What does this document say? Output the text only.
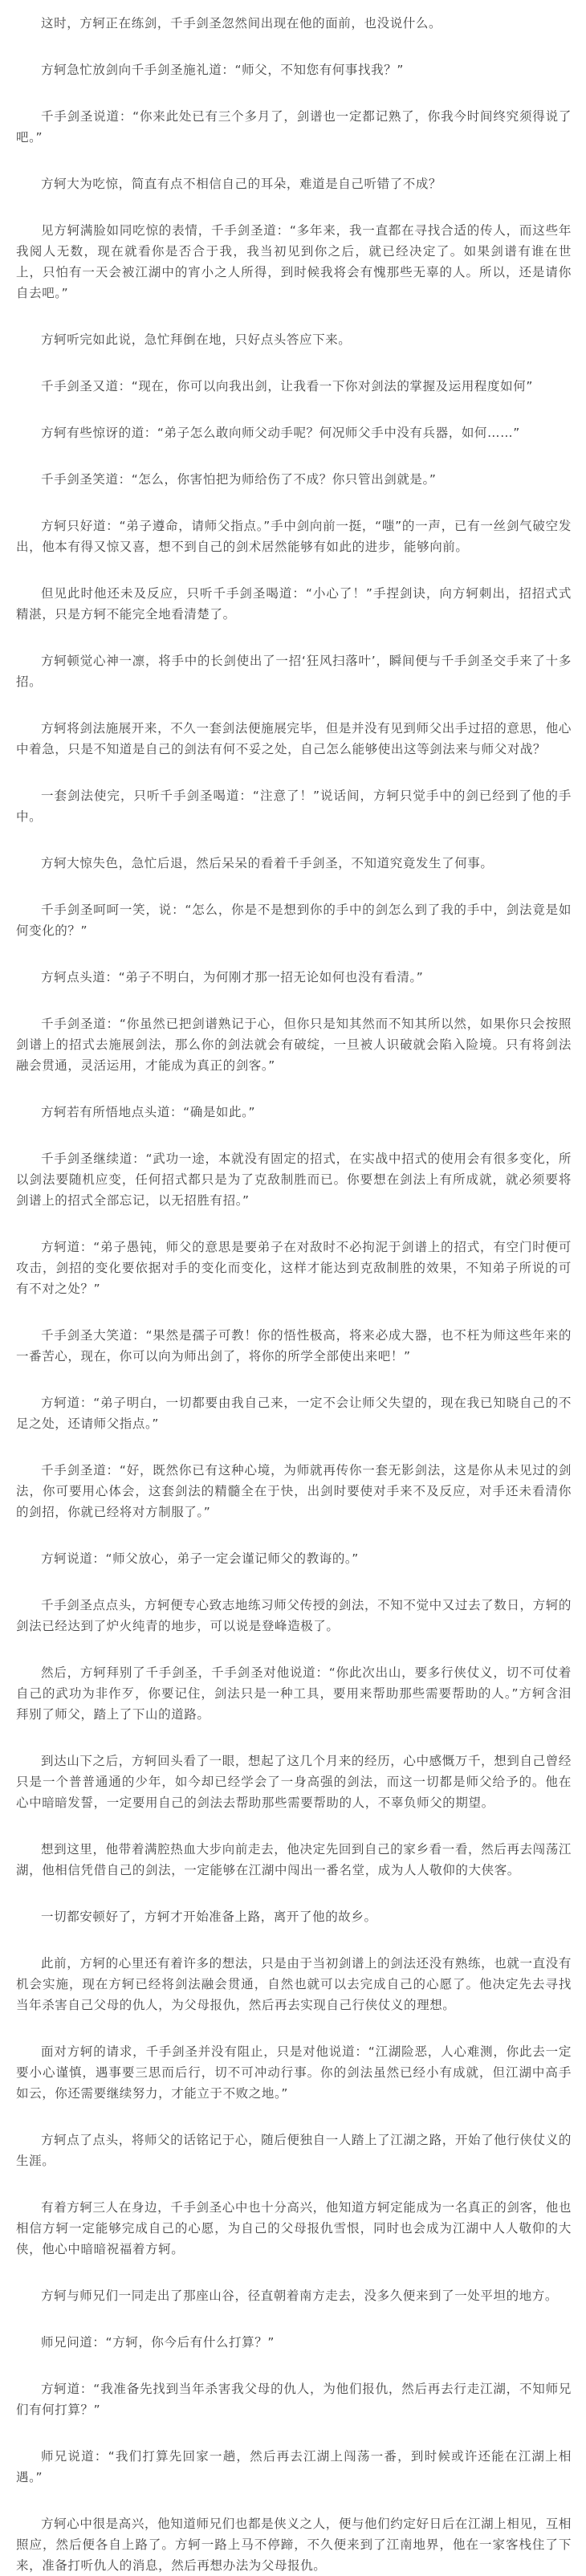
这时，方轲正在练剑，千手剑圣忽然间出现在他的面前，也没说什么。

方轲急忙放剑向千手剑圣施礼道：“师父，不知您有何事找我？”

千手剑圣说道：“你来此处已有三个多月了，剑谱也一定都记熟了，你我今时间终究须得说了吧。”

方轲大为吃惊，简直有点不相信自己的耳朵，难道是自己听错了不成？

见方轲满脸如同吃惊的表情，千手剑圣道：“多年来，我一直都在寻找合适的传人，而这些年我阅人无数，现在就看你是否合于我，我当初见到你之后，就已经决定了。如果剑谱有谁在世上，只怕有一天会被江湖中的宵小之人所得，到时候我将会有愧那些无辜的人。所以，还是请你自去吧。”

方轲听完如此说，急忙拜倒在地，只好点头答应下来。

千手剑圣又道：“现在，你可以向我出剑，让我看一下你对剑法的掌握及运用程度如何”

方轲有些惊讶的道：“弟子怎么敢向师父动手呢？何况师父手中没有兵器，如何……”

千手剑圣笑道：“怎么，你害怕把为师给伤了不成？你只管出剑就是。”

方轲只好道：“弟子遵命，请师父指点。”手中剑向前一挺，“嗤”的一声，已有一丝剑气破空发出，他本有得又惊又喜，想不到自己的剑术居然能够有如此的进步，能够向前。

但见此时他还未及反应，只听千手剑圣喝道：“小心了！”手捏剑诀，向方轲刺出，招招式式精湛，只是方轲不能完全地看清楚了。

方轲顿觉心神一凛，将手中的长剑使出了一招‘狂风扫落叶’，瞬间便与千手剑圣交手来了十多招。

方轲将剑法施展开来，不久一套剑法便施展完毕，但是并没有见到师父出手过招的意思，他心中着急，只是不知道是自己的剑法有何不妥之处，自己怎么能够使出这等剑法来与师父对战？

一套剑法使完，只听千手剑圣喝道：“注意了！”说话间，方轲只觉手中的剑已经到了他的手中。

方轲大惊失色，急忙后退，然后呆呆的看着千手剑圣，不知道究竟发生了何事。

千手剑圣呵呵一笑，说：“怎么，你是不是想到你的手中的剑怎么到了我的手中，剑法竟是如何变化的？”

方轲点头道：“弟子不明白，为何刚才那一招无论如何也没有看清。”

千手剑圣道：“你虽然已把剑谱熟记于心，但你只是知其然而不知其所以然，如果你只会按照剑谱上的招式去施展剑法，那么你的剑法就会有破绽，一旦被人识破就会陷入险境。只有将剑法融会贯通，灵活运用，才能成为真正的剑客。”

方轲若有所悟地点头道：“确是如此。”

千手剑圣继续道：“武功一途，本就没有固定的招式，在实战中招式的使用会有很多变化，所以剑法要随机应变，任何招式都只是为了克敌制胜而已。你要想在剑法上有所成就，就必须要将剑谱上的招式全部忘记，以无招胜有招。”

方轲道：“弟子愚钝，师父的意思是要弟子在对敌时不必拘泥于剑谱上的招式，有空门时便可攻击，剑招的变化要依据对手的变化而变化，这样才能达到克敌制胜的效果，不知弟子所说的可有不对之处？”

千手剑圣大笑道：“果然是孺子可教！你的悟性极高，将来必成大器，也不枉为师这些年来的一番苦心，现在，你可以向为师出剑了，将你的所学全部使出来吧！”

方轲道：“弟子明白，一切都要由我自己来，一定不会让师父失望的，现在我已知晓自己的不足之处，还请师父指点。”

千手剑圣道：“好，既然你已有这种心境，为师就再传你一套无影剑法，这是你从未见过的剑法，你可要用心体会，这套剑法的精髓全在于快，出剑时要使对手来不及反应，对手还未看清你的剑招，你就已经将对方制服了。”

方轲说道：“师父放心，弟子一定会谨记师父的教诲的。”

千手剑圣点点头，方轲便专心致志地练习师父传授的剑法，不知不觉中又过去了数日，方轲的剑法已经达到了炉火纯青的地步，可以说是登峰造极了。

然后，方轲拜别了千手剑圣，千手剑圣对他说道：“你此次出山，要多行侠仗义，切不可仗着自己的武功为非作歹，你要记住，剑法只是一种工具，要用来帮助那些需要帮助的人。”方轲含泪拜别了师父，踏上了下山的道路。

到达山下之后，方轲回头看了一眼，想起了这几个月来的经历，心中感慨万千，想到自己曾经只是一个普普通通的少年，如今却已经学会了一身高强的剑法，而这一切都是师父给予的。他在心中暗暗发誓，一定要用自己的剑法去帮助那些需要帮助的人，不辜负师父的期望。

想到这里，他带着满腔热血大步向前走去，他决定先回到自己的家乡看一看，然后再去闯荡江湖，他相信凭借自己的剑法，一定能够在江湖中闯出一番名堂，成为人人敬仰的大侠客。

一切都安顿好了，方轲才开始准备上路，离开了他的故乡。

此前，方轲的心里还有着许多的想法，只是由于当初剑谱上的剑法还没有熟练，也就一直没有机会实施，现在方轲已经将剑法融会贯通，自然也就可以去完成自己的心愿了。他决定先去寻找当年杀害自己父母的仇人，为父母报仇，然后再去实现自己行侠仗义的理想。

面对方轲的请求，千手剑圣并没有阻止，只是对他说道：“江湖险恶，人心难测，你此去一定要小心谨慎，遇事要三思而后行，切不可冲动行事。你的剑法虽然已经小有成就，但江湖中高手如云，你还需要继续努力，才能立于不败之地。”

方轲点了点头，将师父的话铭记于心，随后便独自一人踏上了江湖之路，开始了他行侠仗义的生涯。

有着方轲三人在身边，千手剑圣心中也十分高兴，他知道方轲定能成为一名真正的剑客，他也相信方轲一定能够完成自己的心愿，为自己的父母报仇雪恨，同时也会成为江湖中人人敬仰的大侠，他心中暗暗祝福着方轲。

方轲与师兄们一同走出了那座山谷，径直朝着南方走去，没多久便来到了一处平坦的地方。

师兄问道：“方轲，你今后有什么打算？”

方轲道：“我准备先找到当年杀害我父母的仇人，为他们报仇，然后再去行走江湖，不知师兄们有何打算？”

师兄说道：“我们打算先回家一趟，然后再去江湖上闯荡一番，到时候或许还能在江湖上相遇。”

方轲心中很是高兴，他知道师兄们也都是侠义之人，便与他们约定好日后在江湖上相见，互相照应，然后便各自上路了。方轲一路上马不停蹄，不久便来到了江南地界，他在一家客栈住了下来，准备打听仇人的消息，然后再想办法为父母报仇。
